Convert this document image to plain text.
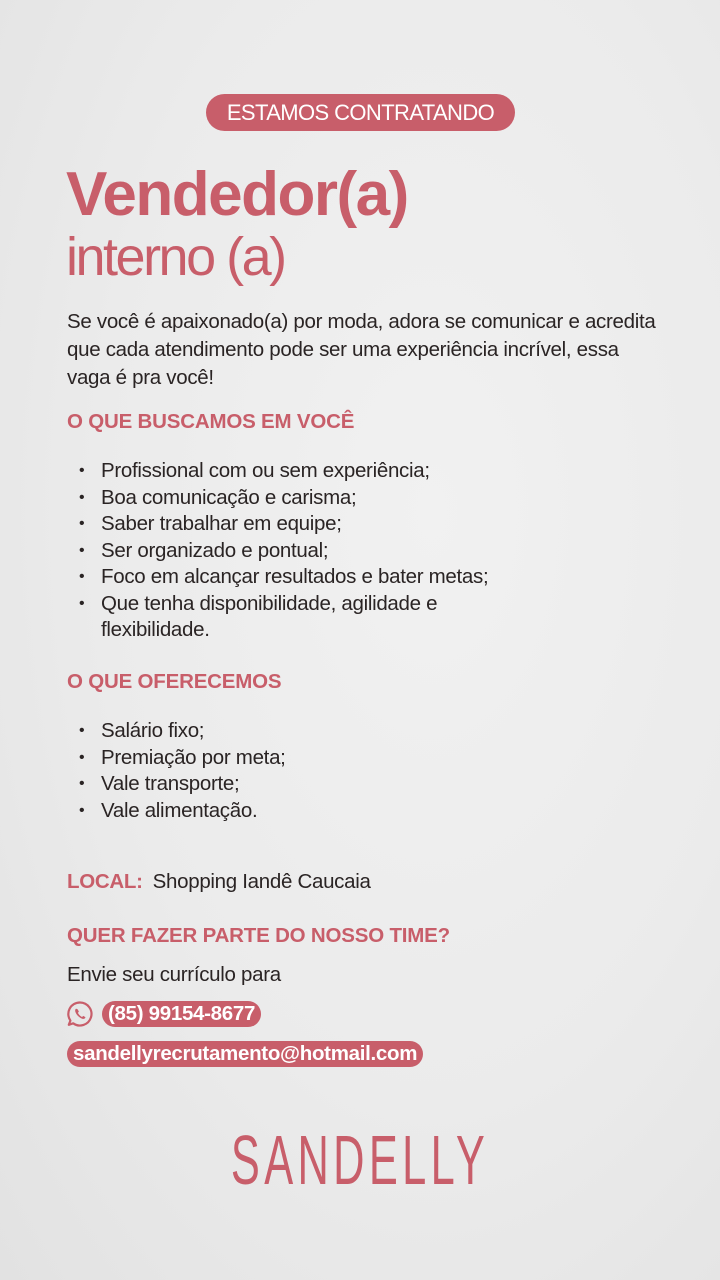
ESTAMOS CONTRATANDO
Vendedor(a)
interno (a)
Se você é apaixonado(a) por moda, adora se comunicar e acredita que cada atendimento pode ser uma experiência incrível, essa vaga é pra você!
O QUE BUSCAMOS EM VOCÊ
• Profissional com ou sem experiência;
• Boa comunicação e carisma;
• Saber trabalhar em equipe;
• Ser organizado e pontual;
• Foco em alcançar resultados e bater metas;
• Que tenha disponibilidade, agilidade e flexibilidade.
O QUE OFERECEMOS
• Salário fixo;
• Premiação por meta;
• Vale transporte;
• Vale alimentação.
LOCAL: Shopping Iandê Caucaia
QUER FAZER PARTE DO NOSSO TIME?
Envie seu currículo para
(85) 99154-8677
sandellyrecrutamento@hotmail.com
SANDELLY
